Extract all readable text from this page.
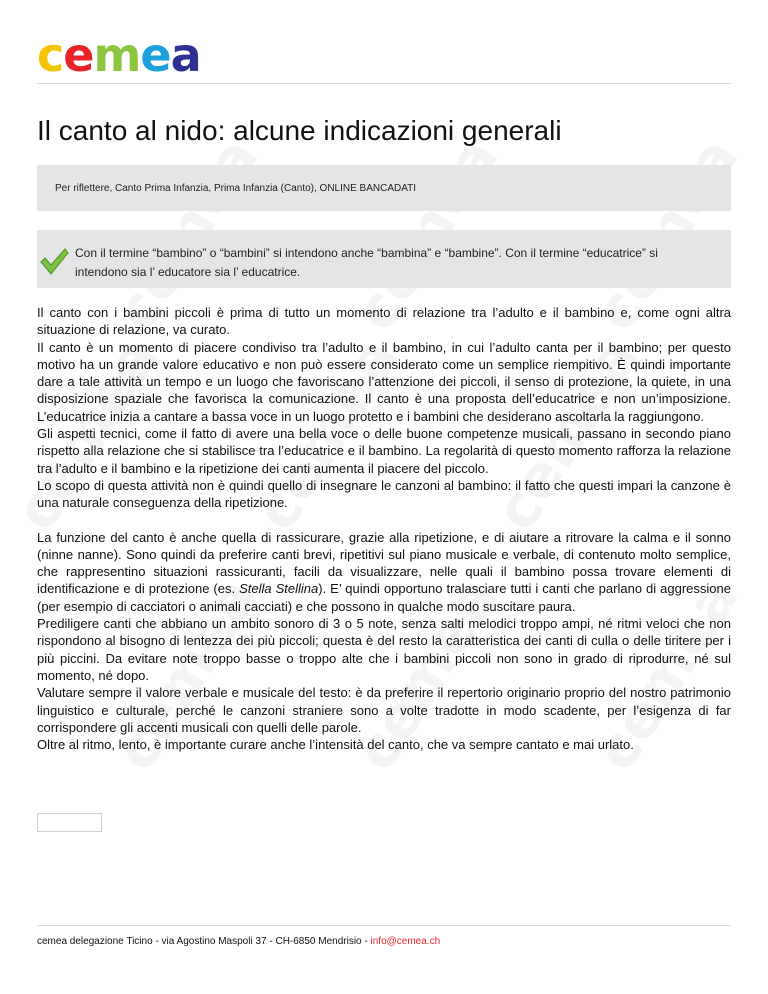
cemea
Il canto al nido: alcune indicazioni generali
Per riflettere, Canto Prima Infanzia, Prima Infanzia (Canto), ONLINE BANCADATI
Con il termine “bambino” o “bambini” si intendono anche “bambina” e “bambine”. Con il termine “educatrice” si intendono sia l’ educatore sia l’ educatrice.

Il canto con i bambini piccoli è prima di tutto un momento di relazione tra l’adulto e il bambino e, come ogni altra situazione di relazione, va curato.

Il canto è un momento di piacere condiviso tra l’adulto e il bambino, in cui l’adulto canta per il bambino; per questo motivo ha un grande valore educativo e non può essere considerato come un semplice riempitivo. È quindi importante dare a tale attività un tempo e un luogo che favoriscano l’attenzione dei piccoli, il senso di protezione, la quiete, in una disposizione spaziale che favorisca la comunicazione. Il canto è una proposta dell’educatrice e non un’imposizione. L’educatrice inizia a cantare a bassa voce in un luogo protetto e i bambini che desiderano ascoltarla la raggiungono.

Gli aspetti tecnici, come il fatto di avere una bella voce o delle buone competenze musicali, passano in secondo piano rispetto alla relazione che si stabilisce tra l’educatrice e il bambino. La regolarità di questo momento rafforza la relazione tra l’adulto e il bambino e la ripetizione dei canti aumenta il piacere del piccolo.

Lo scopo di questa attività non è quindi quello di insegnare le canzoni al bambino: il fatto che questi impari la canzone è una naturale conseguenza della ripetizione.

La funzione del canto è anche quella di rassicurare, grazie alla ripetizione, e di aiutare a ritrovare la calma e il sonno (ninne nanne). Sono quindi da preferire canti brevi, ripetitivi sul piano musicale e verbale, di contenuto molto semplice, che rappresentino situazioni rassicuranti, facili da visualizzare, nelle quali il bambino possa trovare elementi di identificazione e di protezione (es. Stella Stellina). E’ quindi opportuno tralasciare tutti i canti che parlano di aggressione (per esempio di cacciatori o animali cacciati) e che possono in qualche modo suscitare paura.

Prediligere canti che abbiano un ambito sonoro di 3 o 5 note, senza salti melodici troppo ampi, né ritmi veloci che non rispondono al bisogno di lentezza dei più piccoli; questa è del resto la caratteristica dei canti di culla o delle tiritere per i più piccini. Da evitare note troppo basse o troppo alte che i bambini piccoli non sono in grado di riprodurre, né sul momento, né dopo.

Valutare sempre il valore verbale e musicale del testo: è da preferire il repertorio originario proprio del nostro patrimonio linguistico e culturale, perché le canzoni straniere sono a volte tradotte in modo scadente, per l’esigenza di far corrispondere gli accenti musicali con quelli delle parole.

Oltre al ritmo, lento, è importante curare anche l’intensità del canto, che va sempre cantato e mai urlato.

cemea delegazione Ticino - via Agostino Maspoli 37 - CH-6850 Mendrisio - info@cemea.ch
